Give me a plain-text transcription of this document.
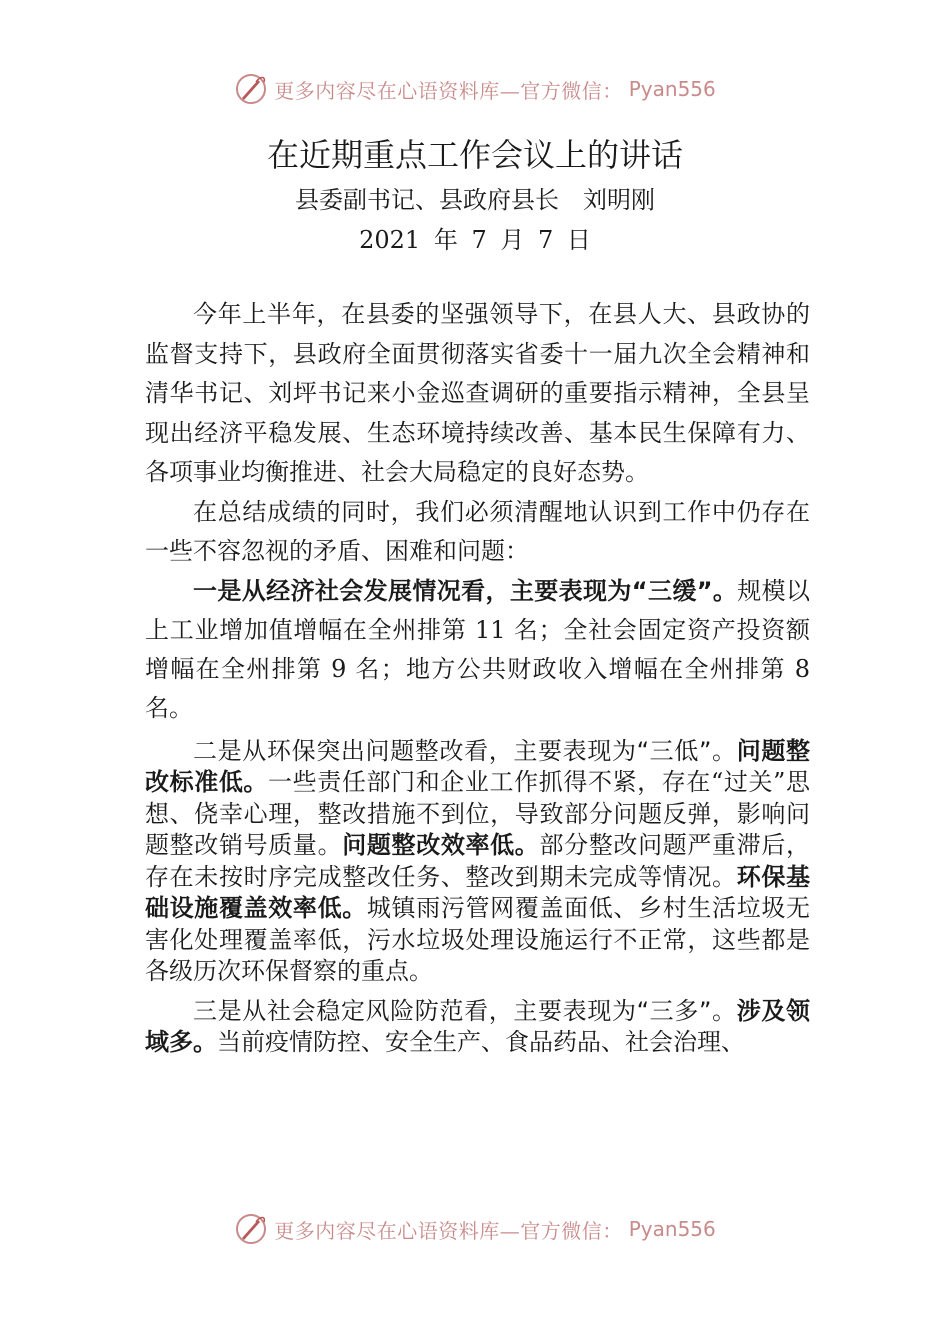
更多内容尽在心语资料库—官方微信： Pyan556
在近期重点工作会议上的讲话
县委副书记、县政府县长　刘明刚
2021 年 7 月 7 日

今年上半年，在县委的坚强领导下，在县人大、县政协的监督支持下，县政府全面贯彻落实省委十一届九次全会精神和清华书记、刘坪书记来小金巡查调研的重要指示精神，全县呈现出经济平稳发展、生态环境持续改善、基本民生保障有力、各项事业均衡推进、社会大局稳定的良好态势。

在总结成绩的同时，我们必须清醒地认识到工作中仍存在一些不容忽视的矛盾、困难和问题：

一是从经济社会发展情况看，主要表现为“三缓”。规模以上工业增加值增幅在全州排第 11 名；全社会固定资产投资额增幅在全州排第 9 名；地方公共财政收入增幅在全州排第 8 名。

二是从环保突出问题整改看，主要表现为“三低”。问题整改标准低。一些责任部门和企业工作抓得不紧，存在“过关”思想、侥幸心理，整改措施不到位，导致部分问题反弹，影响问题整改销号质量。问题整改效率低。部分整改问题严重滞后，存在未按时序完成整改任务、整改到期未完成等情况。环保基础设施覆盖效率低。城镇雨污管网覆盖面低、乡村生活垃圾无害化处理覆盖率低，污水垃圾处理设施运行不正常，这些都是各级历次环保督察的重点。

三是从社会稳定风险防范看，主要表现为“三多”。涉及领域多。当前疫情防控、安全生产、食品药品、社会治理、

更多内容尽在心语资料库—官方微信： Pyan556
